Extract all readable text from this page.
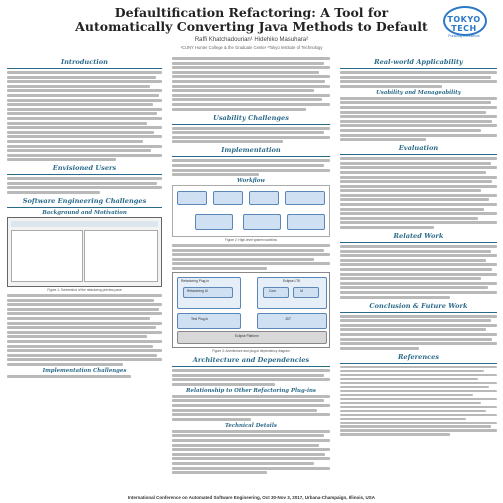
Defaultification Refactoring: A Tool for
Automatically Converting Java Methods to Default
Raffi Khatchadourian¹ Hidehiko Masuhara²
¹CUNY Hunter College & the Graduate Center ²Tokyo Institute of Technology
TOKYO TECH
Pursuing Excellence
Introduction
Envisioned Users
Software Engineering Challenges
Background and Motivation
Figure 1: Screenshot of the refactoring preview pane
Implementation Challenges
Usability Challenges
Implementation
Workflow
Figure 2: High-level system workflow
Refactoring Plug-in
Refactoring UI
Eclipse LTK
Core	UI
Test Plug-in	JDT
Eclipse Platform
Figure 3: Architecture and plug-in dependency diagram
Architecture and Dependencies
Relationship to Other Refactoring Plug-ins
Technical Details
Real-world Applicability
Usability and Manageability
Evaluation
Related Work
Conclusion & Future Work
References
International Conference on Automated Software Engineering, Oct 30-Nov 3, 2017, Urbana-Champaign, Illinois, USA
